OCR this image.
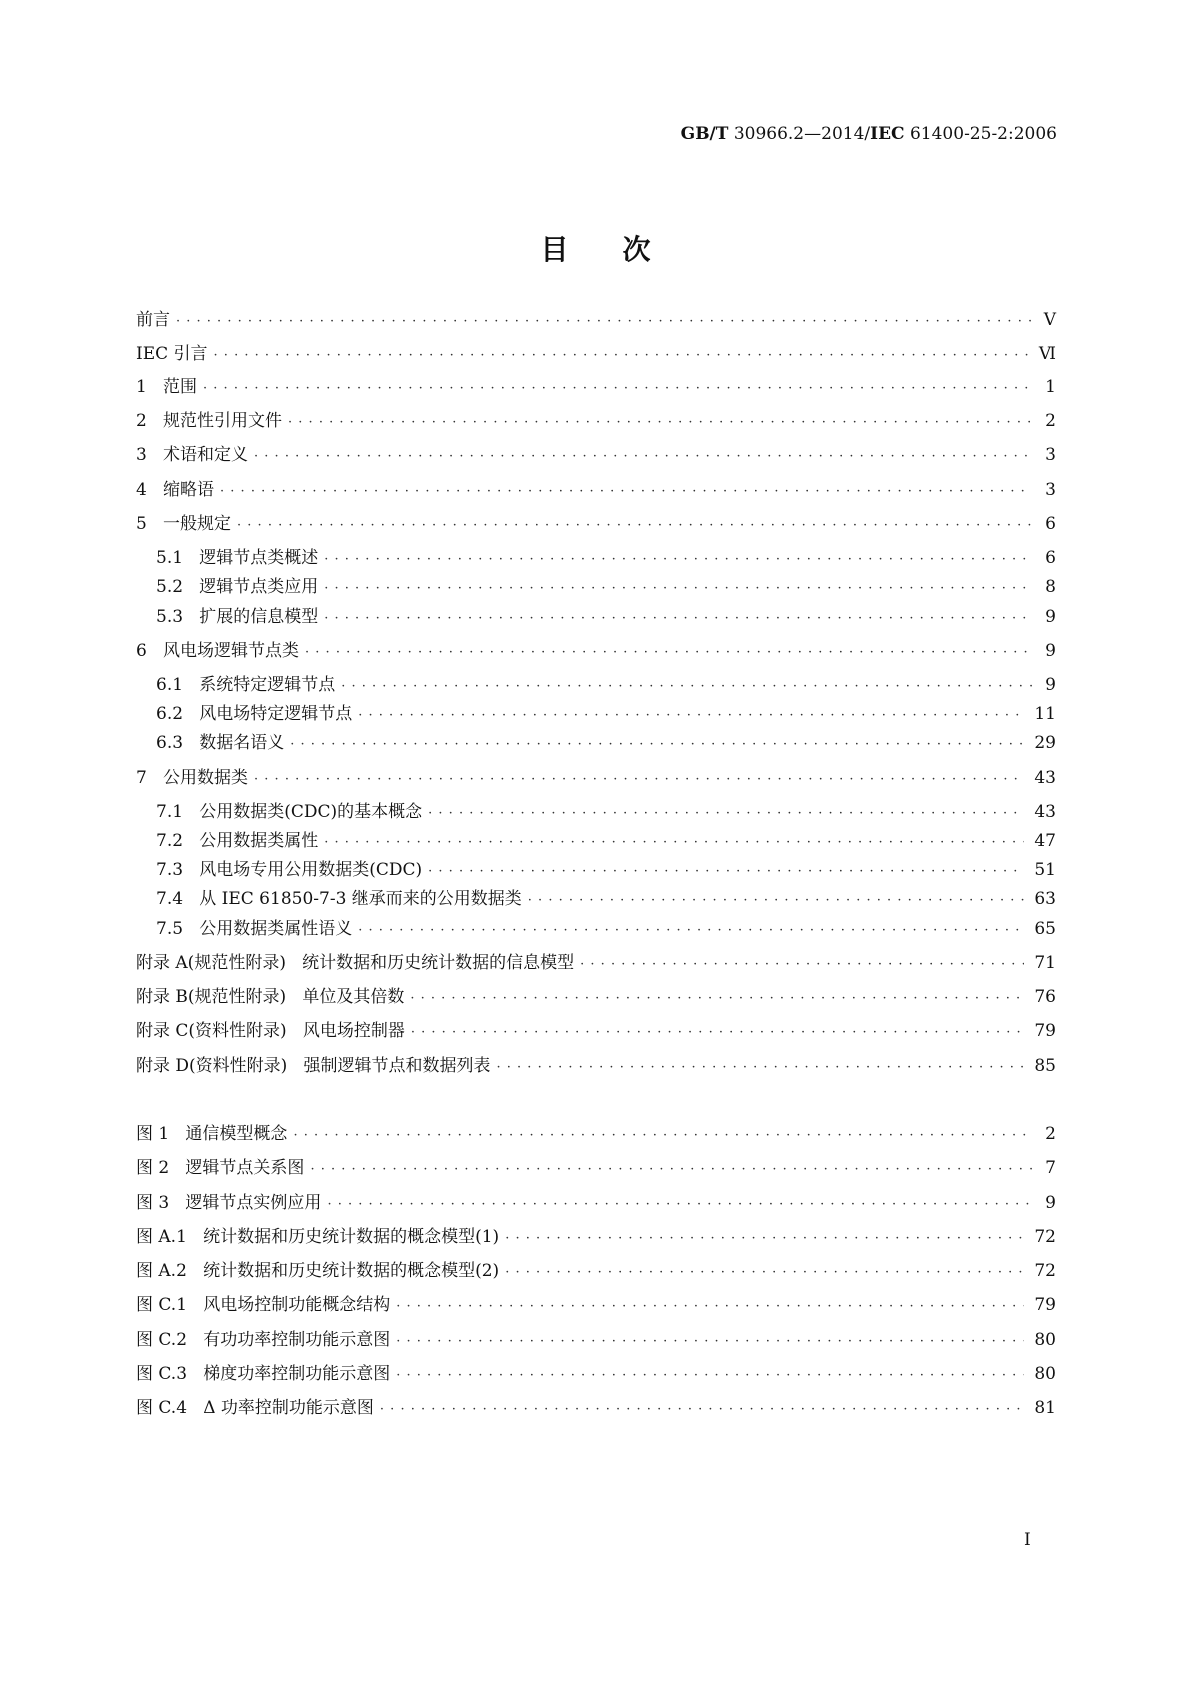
GB/T 30966.2—2014/IEC 61400-25-2:2006
目次
前言 · · ·	Ⅴ
IEC 引言 · · ·	Ⅵ
1   范围 · · ·	1
2   规范性引用文件 · · ·	2
3   术语和定义 · · ·	3
4   缩略语 · · ·	3
5   一般规定 · · ·	6
5.1   逻辑节点类概述 · · ·	6
5.2   逻辑节点类应用 · · ·	8
5.3   扩展的信息模型 · · ·	9
6   风电场逻辑节点类 · · ·	9
6.1   系统特定逻辑节点 · · ·	9
6.2   风电场特定逻辑节点 · · ·	11
6.3   数据名语义 · · ·	29
7   公用数据类 · · ·	43
7.1   公用数据类(CDC)的基本概念 · · ·	43
7.2   公用数据类属性 · · ·	47
7.3   风电场专用公用数据类(CDC) · · ·	51
7.4   从 IEC 61850-7-3 继承而来的公用数据类 · · ·	63
7.5   公用数据类属性语义 · · ·	65
附录 A(规范性附录)   统计数据和历史统计数据的信息模型 · · ·	71
附录 B(规范性附录)   单位及其倍数 · · ·	76
附录 C(资料性附录)   风电场控制器 · · ·	79
附录 D(资料性附录)   强制逻辑节点和数据列表 · · ·	85
图 1   通信模型概念 · · ·	2
图 2   逻辑节点关系图 · · ·	7
图 3   逻辑节点实例应用 · · ·	9
图 A.1   统计数据和历史统计数据的概念模型(1) · · ·	72
图 A.2   统计数据和历史统计数据的概念模型(2) · · ·	72
图 C.1   风电场控制功能概念结构 · · ·	79
图 C.2   有功功率控制功能示意图 · · ·	80
图 C.3   梯度功率控制功能示意图 · · ·	80
图 C.4   Δ 功率控制功能示意图 · · ·	81
I
